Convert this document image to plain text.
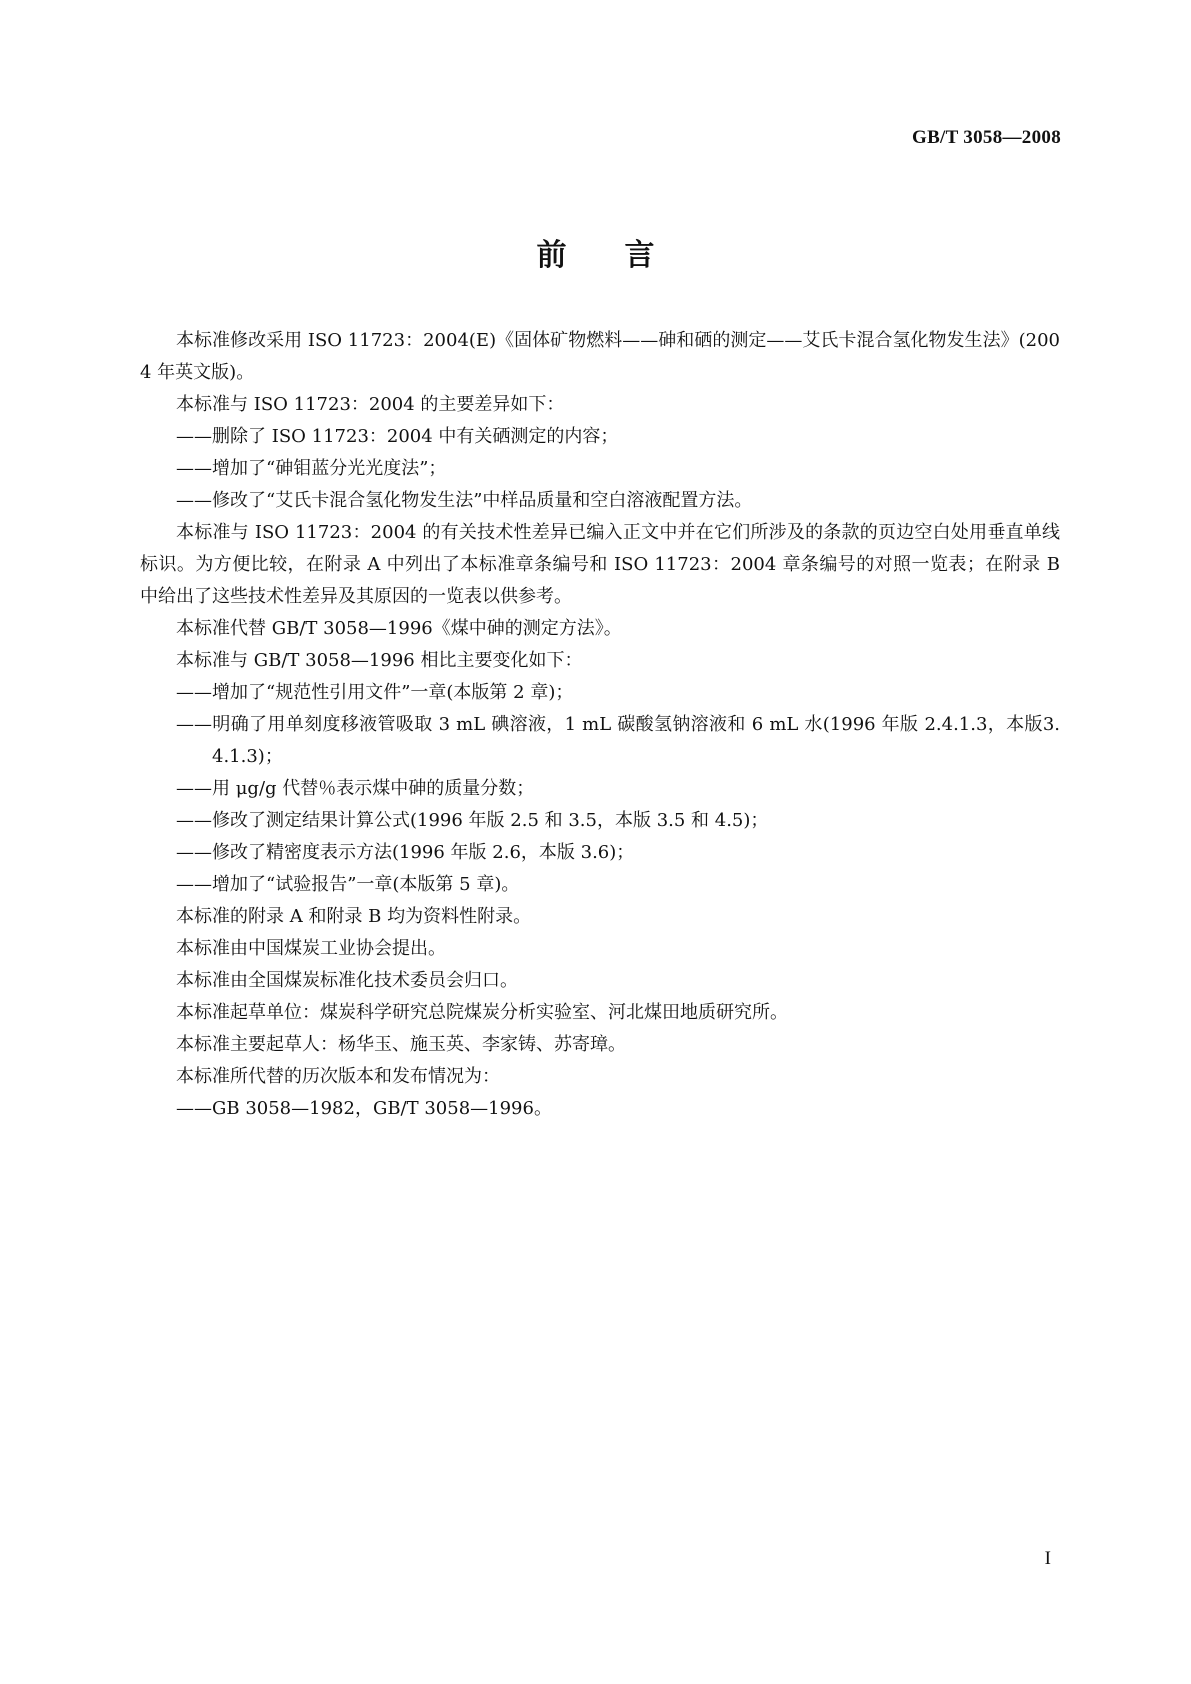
GB/T 3058—2008
前 言

本标准修改采用 ISO 11723：2004(E)《固体矿物燃料——砷和硒的测定——艾氏卡混合氢化物发生法》(2004 年英文版)。

本标准与 ISO 11723：2004 的主要差异如下：

——删除了 ISO 11723：2004 中有关硒测定的内容；

——增加了“砷钼蓝分光光度法”；

——修改了“艾氏卡混合氢化物发生法”中样品质量和空白溶液配置方法。

本标准与 ISO 11723：2004 的有关技术性差异已编入正文中并在它们所涉及的条款的页边空白处用垂直单线标识。为方便比较，在附录 A 中列出了本标准章条编号和 ISO 11723：2004 章条编号的对照一览表；在附录 B 中给出了这些技术性差异及其原因的一览表以供参考。

本标准代替 GB/T 3058—1996《煤中砷的测定方法》。

本标准与 GB/T 3058—1996 相比主要变化如下：

——增加了“规范性引用文件”一章(本版第 2 章)；

——明确了用单刻度移液管吸取 3 mL 碘溶液，1 mL 碳酸氢钠溶液和 6 mL 水(1996 年版 2.4.1.3，本版3.4.1.3)；

——用 μg/g 代替％表示煤中砷的质量分数；

——修改了测定结果计算公式(1996 年版 2.5 和 3.5，本版 3.5 和 4.5)；

——修改了精密度表示方法(1996 年版 2.6，本版 3.6)；

——增加了“试验报告”一章(本版第 5 章)。

本标准的附录 A 和附录 B 均为资料性附录。

本标准由中国煤炭工业协会提出。

本标准由全国煤炭标准化技术委员会归口。

本标准起草单位：煤炭科学研究总院煤炭分析实验室、河北煤田地质研究所。

本标准主要起草人：杨华玉、施玉英、李家铸、苏寄璋。

本标准所代替的历次版本和发布情况为：

——GB 3058—1982，GB/T 3058—1996。

I
